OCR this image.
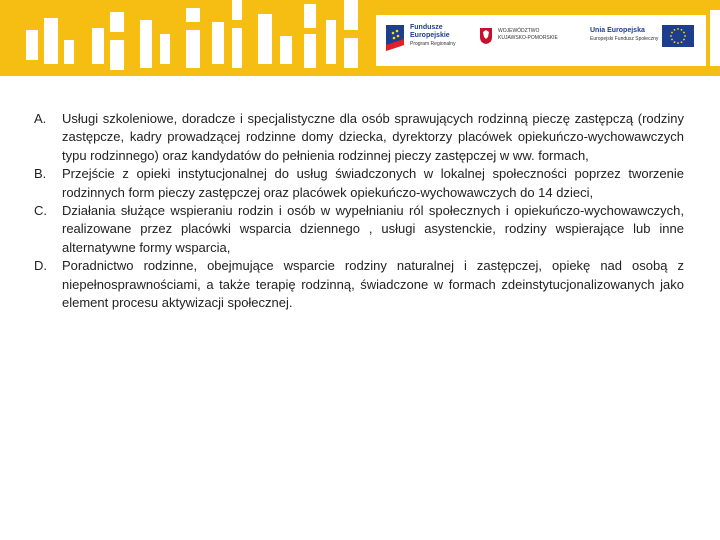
Fundusze
Europejskie
Program Regionalny
WOJEWÓDZTWO
KUJAWSKO-POMORSKIE
Unia Europejska
Europejski Fundusz Społeczny

A. Usługi szkoleniowe, doradcze i specjalistyczne dla osób sprawujących rodzinną pieczę zastępczą (rodziny zastępcze, kadry prowadzącej rodzinne domy dziecka, dyrektorzy placówek opiekuńczo-wychowawczych typu rodzinnego) oraz kandydatów do pełnienia rodzinnej pieczy zastępczej w ww. formach,

B. Przejście z opieki instytucjonalnej do usług świadczonych w lokalnej społeczności poprzez tworzenie rodzinnych form pieczy zastępczej oraz placówek opiekuńczo-wychowawczych do 14 dzieci,

C. Działania służące wspieraniu rodzin i osób w wypełnianiu ról społecznych i opiekuńczo-wychowawczych, realizowane przez placówki wsparcia dziennego , usługi asystenckie, rodziny wspierające lub inne alternatywne formy wsparcia,

D. Poradnictwo rodzinne, obejmujące wsparcie rodziny naturalnej i zastępczej, opiekę nad osobą z niepełnosprawnościami, a także terapię rodzinną, świadczone w formach zdeinstytucjonalizowanych jako element procesu aktywizacji społecznej.
